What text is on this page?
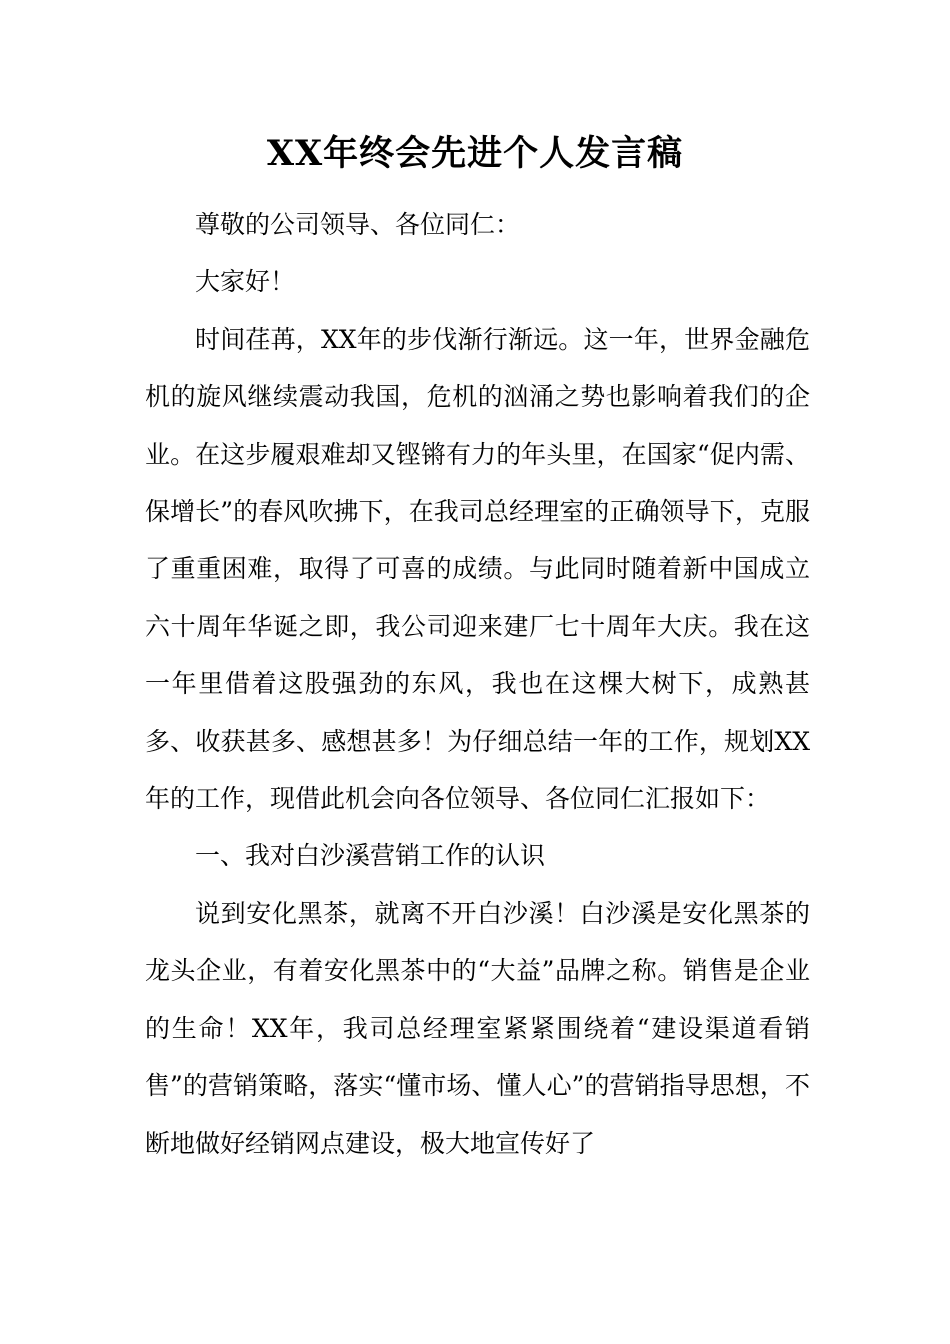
XX年终会先进个人发言稿

尊敬的公司领导、各位同仁：

大家好！

时间荏苒，XX年的步伐渐行渐远。这一年，世界金融危机的旋风继续震动我国，危机的汹涌之势也影响着我们的企业。在这步履艰难却又铿锵有力的年头里，在国家“促内需、保增长”的春风吹拂下，在我司总经理室的正确领导下，克服了重重困难，取得了可喜的成绩。与此同时随着新中国成立六十周年华诞之即，我公司迎来建厂七十周年大庆。我在这一年里借着这股强劲的东风，我也在这棵大树下，成熟甚多、收获甚多、感想甚多！为仔细总结一年的工作，规划XX年的工作，现借此机会向各位领导、各位同仁汇报如下：

一、我对白沙溪营销工作的认识

说到安化黑茶，就离不开白沙溪！白沙溪是安化黑茶的龙头企业，有着安化黑茶中的“大益”品牌之称。销售是企业的生命！XX年，我司总经理室紧紧围绕着“建设渠道看销售”的营销策略，落实“懂市场、懂人心”的营销指导思想，不断地做好经销网点建设，极大地宣传好了
